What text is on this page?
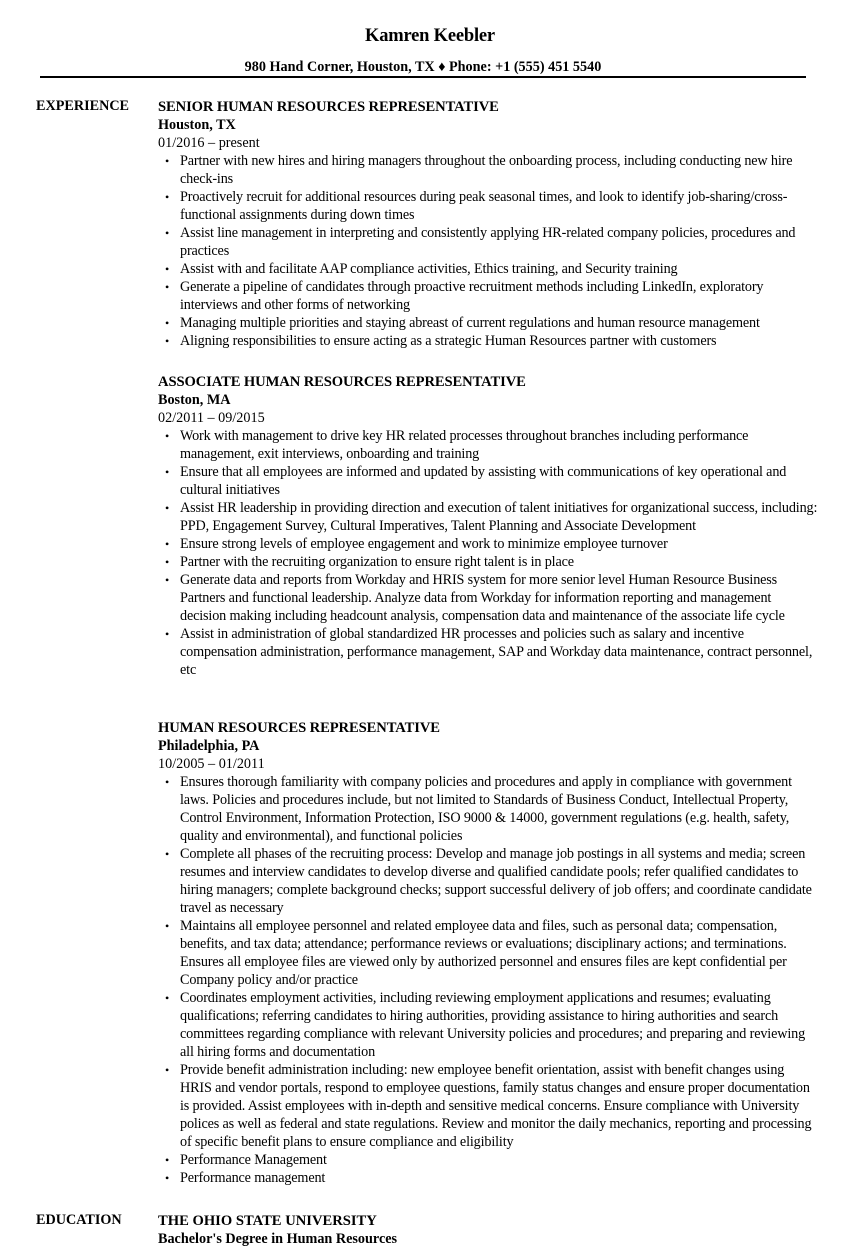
Kamren Keebler
980 Hand Corner, Houston, TX ♦ Phone: +1 (555) 451 5540
EXPERIENCE SENIOR HUMAN RESOURCES REPRESENTATIVE
Houston, TX
01/2016 – present
• Partner with new hires and hiring managers throughout the onboarding process, including conducting new hire check-ins
• Proactively recruit for additional resources during peak seasonal times, and look to identify job-sharing/cross-functional assignments during down times
• Assist line management in interpreting and consistently applying HR-related company policies, procedures and practices
• Assist with and facilitate AAP compliance activities, Ethics training, and Security training
• Generate a pipeline of candidates through proactive recruitment methods including LinkedIn, exploratory interviews and other forms of networking
• Managing multiple priorities and staying abreast of current regulations and human resource management
• Aligning responsibilities to ensure acting as a strategic Human Resources partner with customers
ASSOCIATE HUMAN RESOURCES REPRESENTATIVE
Boston, MA
02/2011 – 09/2015
• Work with management to drive key HR related processes throughout branches including performance management, exit interviews, onboarding and training
• Ensure that all employees are informed and updated by assisting with communications of key operational and cultural initiatives
• Assist HR leadership in providing direction and execution of talent initiatives for organizational success, including: PPD, Engagement Survey, Cultural Imperatives, Talent Planning and Associate Development
• Ensure strong levels of employee engagement and work to minimize employee turnover
• Partner with the recruiting organization to ensure right talent is in place
• Generate data and reports from Workday and HRIS system for more senior level Human Resource Business Partners and functional leadership. Analyze data from Workday for information reporting and management decision making including headcount analysis, compensation data and maintenance of the associate life cycle
• Assist in administration of global standardized HR processes and policies such as salary and incentive compensation administration, performance management, SAP and Workday data maintenance, contract personnel, etc
HUMAN RESOURCES REPRESENTATIVE
Philadelphia, PA
10/2005 – 01/2011
• Ensures thorough familiarity with company policies and procedures and apply in compliance with government laws. Policies and procedures include, but not limited to Standards of Business Conduct, Intellectual Property, Control Environment, Information Protection, ISO 9000 & 14000, government regulations (e.g. health, safety, quality and environmental), and functional policies
• Complete all phases of the recruiting process: Develop and manage job postings in all systems and media; screen resumes and interview candidates to develop diverse and qualified candidate pools; refer qualified candidates to hiring managers; complete background checks; support successful delivery of job offers; and coordinate candidate travel as necessary
• Maintains all employee personnel and related employee data and files, such as personal data; compensation, benefits, and tax data; attendance; performance reviews or evaluations; disciplinary actions; and terminations. Ensures all employee files are viewed only by authorized personnel and ensures files are kept confidential per Company policy and/or practice
• Coordinates employment activities, including reviewing employment applications and resumes; evaluating qualifications; referring candidates to hiring authorities, providing assistance to hiring authorities and search committees regarding compliance with relevant University policies and procedures; and preparing and reviewing all hiring forms and documentation
• Provide benefit administration including: new employee benefit orientation, assist with benefit changes using HRIS and vendor portals, respond to employee questions, family status changes and ensure proper documentation is provided. Assist employees with in-depth and sensitive medical concerns. Ensure compliance with University polices as well as federal and state regulations. Review and monitor the daily mechanics, reporting and processing of specific benefit plans to ensure compliance and eligibility
• Performance Management
• Performance management
EDUCATION THE OHIO STATE UNIVERSITY
Bachelor's Degree in Human Resources
